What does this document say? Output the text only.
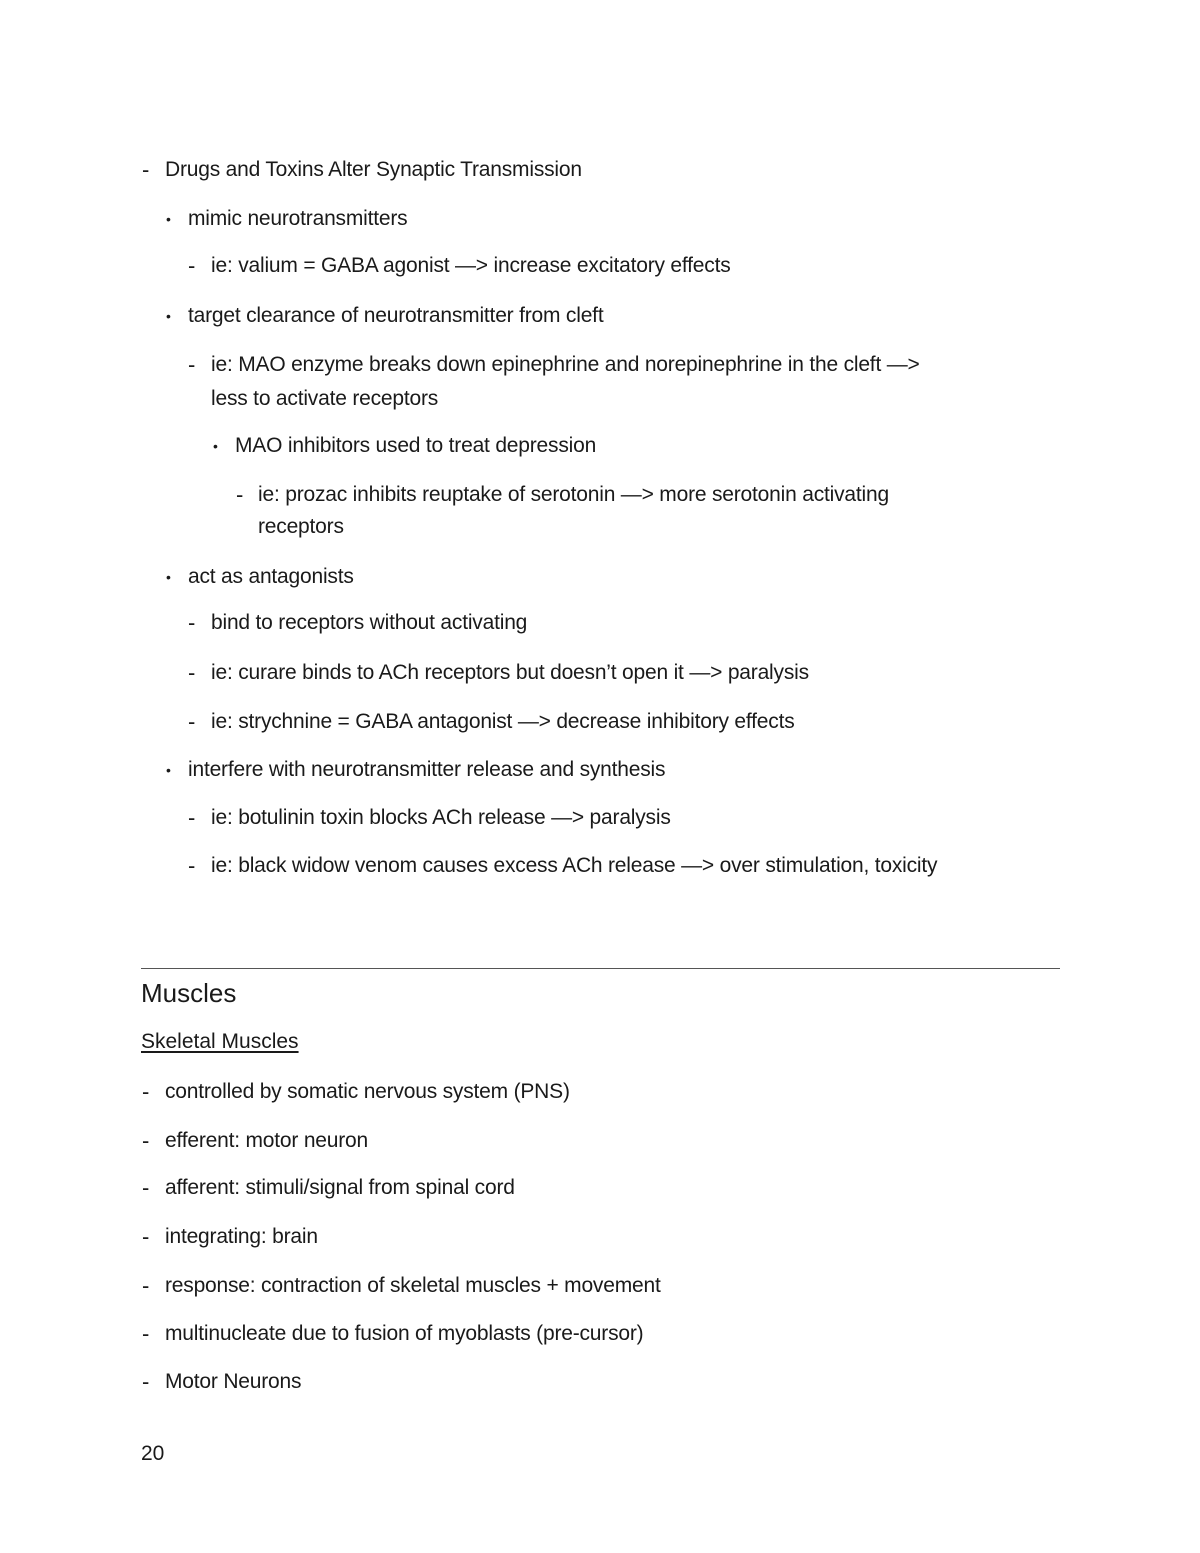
- Drugs and Toxins Alter Synaptic Transmission
• mimic neurotransmitters
- ie: valium = GABA agonist —> increase excitatory effects
• target clearance of neurotransmitter from cleft
- ie: MAO enzyme breaks down epinephrine and norepinephrine in the cleft —>
less to activate receptors
• MAO inhibitors used to treat depression
- ie: prozac inhibits reuptake of serotonin —> more serotonin activating
receptors
• act as antagonists
- bind to receptors without activating
- ie: curare binds to ACh receptors but doesn’t open it —> paralysis
- ie: strychnine = GABA antagonist —> decrease inhibitory effects
• interfere with neurotransmitter release and synthesis
- ie: botulinin toxin blocks ACh release —> paralysis
- ie: black widow venom causes excess ACh release —> over stimulation, toxicity
Muscles
Skeletal Muscles
- controlled by somatic nervous system (PNS)
- efferent: motor neuron
- afferent: stimuli/signal from spinal cord
- integrating: brain
- response: contraction of skeletal muscles + movement
- multinucleate due to fusion of myoblasts (pre-cursor)
- Motor Neurons
20
